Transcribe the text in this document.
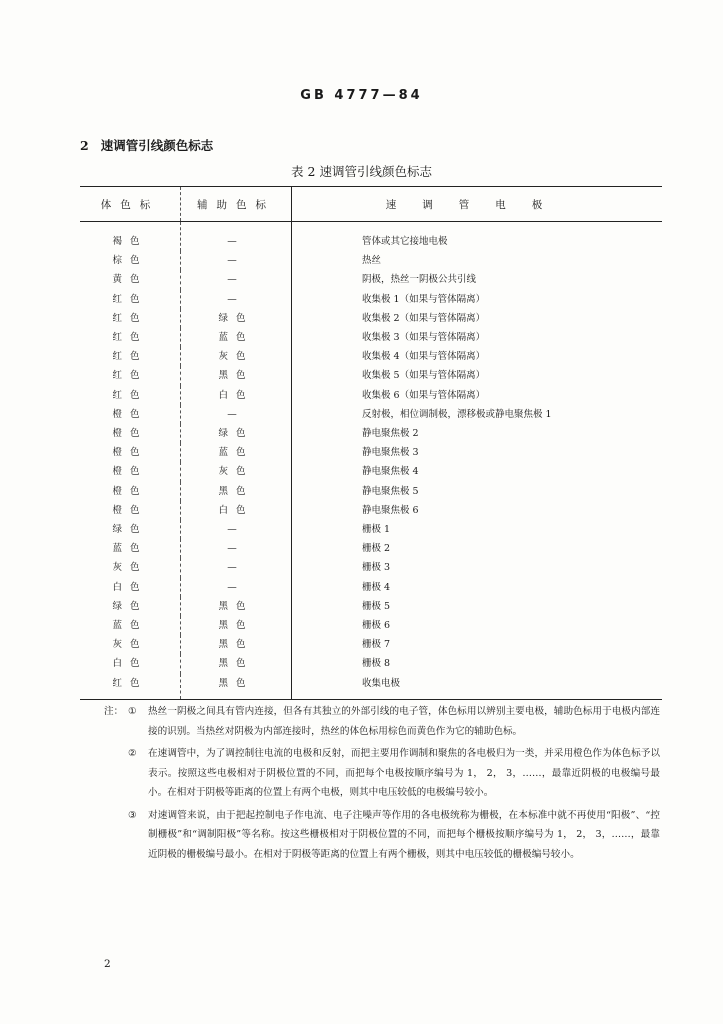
GB 4777—84
2 速调管引线颜色标志
表 2 速调管引线颜色标志
体色标	辅助色标	速调管电极
褐色	—	管体或其它接地电极
棕色	—	热丝
黄色	—	阴极，热丝一阴极公共引线
红色	—	收集极 1（如果与管体隔离）
红色	绿色	收集极 2（如果与管体隔离）
红色	蓝色	收集极 3（如果与管体隔离）
红色	灰色	收集极 4（如果与管体隔离）
红色	黑色	收集极 5（如果与管体隔离）
红色	白色	收集极 6（如果与管体隔离）
橙色	—	反射极，相位调制极，漂移极或静电聚焦极 1
橙色	绿色	静电聚焦极 2
橙色	蓝色	静电聚焦极 3
橙色	灰色	静电聚焦极 4
橙色	黑色	静电聚焦极 5
橙色	白色	静电聚焦极 6
绿色	—	栅极 1
蓝色	—	栅极 2
灰色	—	栅极 3
白色	—	栅极 4
绿色	黑色	栅极 5
蓝色	黑色	栅极 6
灰色	黑色	栅极 7
白色	黑色	栅极 8
红色	黑色	收集电极
注： ①	热丝一阴极之间具有管内连接，但各有其独立的外部引线的电子管，体色标用以辨别主要电极，辅助色标用于电极内部连接的识别。当热丝对阴极为内部连接时，热丝的体色标用棕色而黄色作为它的辅助色标。
②	在速调管中，为了调控制往电流的电极和反射，而把主要用作调制和聚焦的各电极归为一类，并采用橙色作为体色标予以表示。按照这些电极相对于阴极位置的不同，而把每个电极按顺序编号为 1， 2， 3，……，最靠近阴极的电极编号最小。在相对于阴极等距离的位置上有两个电极，则其中电压较低的电极编号较小。
③	对速调管来说，由于把起控制电子作电流、电子注噪声等作用的各电极统称为栅极，在本标准中就不再使用“阳极”、“控制栅极”和“调制阳极”等名称。按这些栅极相对于阴极位置的不同，而把每个栅极按顺序编号为 1， 2， 3，……，最靠近阴极的栅极编号最小。在相对于阴极等距离的位置上有两个栅极，则其中电压较低的栅极编号较小。
2
